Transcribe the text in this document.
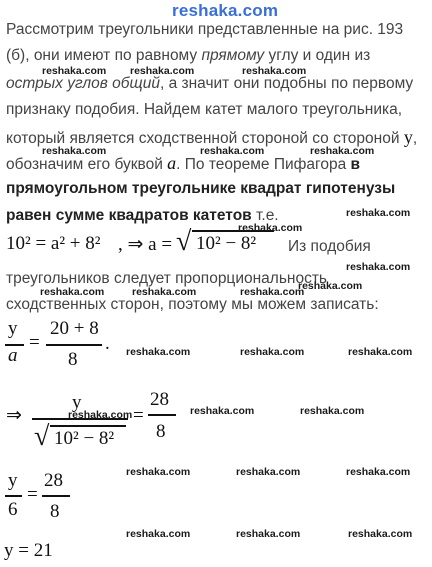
reshaka.com
Рассмотрим треугольники представленные на рис. 193
(б), они имеют по равному прямому углу и один из
острых углов общий, а значит они подобны по первому
признаку подобия. Найдем катет малого треугольника,
который является сходственной стороной со стороной y,
обозначим его буквой a. По теореме Пифагора в
прямоугольном треугольнике квадрат гипотенузы
равен сумме квадратов катетов т.е.
10² = a² + 8² , ⇒ a = √ 10² − 8² Из подобия
треугольников следует пропорциональность
сходственных сторон, поэтому мы можем записать:
y
a
=
20 + 8
8
.
⇒
y
√ 10² − 8²
=
28
8
y
6
=
28
8
y = 21
reshaka.com reshaka.com	reshaka.com
reshaka.com	reshaka.com	reshaka.com
reshaka.com
reshaka.com
reshaka.com
reshaka.com	reshaka.com	reshaka.com
reshaka.com
reshaka.com	reshaka.com	reshaka.com
reshaka.com	reshaka.com	reshaka.com
reshaka.com	reshaka.com	reshaka.com
reshaka.com	reshaka.com	reshaka.com
